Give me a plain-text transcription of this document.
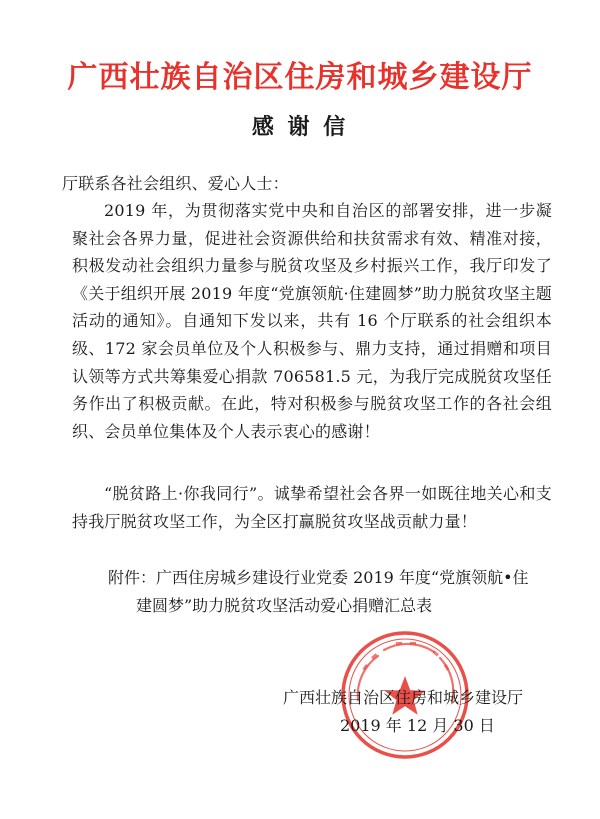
广西壮族自治区住房和城乡建设厅
感 谢 信
厅联系各社会组织、爱心人士：
2019 年，为贯彻落实党中央和自治区的部署安排，进一步凝聚社会各界力量，促进社会资源供给和扶贫需求有效、精准对接，积极发动社会组织力量参与脱贫攻坚及乡村振兴工作，我厅印发了《关于组织开展 2019 年度“党旗领航·住建圆梦”助力脱贫攻坚主题活动的通知》。自通知下发以来，共有 16 个厅联系的社会组织本级、172 家会员单位及个人积极参与、鼎力支持，通过捐赠和项目认领等方式共筹集爱心捐款 706581.5 元，为我厅完成脱贫攻坚任务作出了积极贡献。在此，特对积极参与脱贫攻坚工作的各社会组织、会员单位集体及个人表示衷心的感谢！
“脱贫路上·你我同行”。诚挚希望社会各界一如既往地关心和支持我厅脱贫攻坚工作，为全区打赢脱贫攻坚战贡献力量！
附件：广西住房城乡建设行业党委 2019 年度“党旗领航•住
建圆梦”助力脱贫攻坚活动爱心捐赠汇总表
广西壮族自治区住房和城乡建设厅
2019 年 12 月 30 日
